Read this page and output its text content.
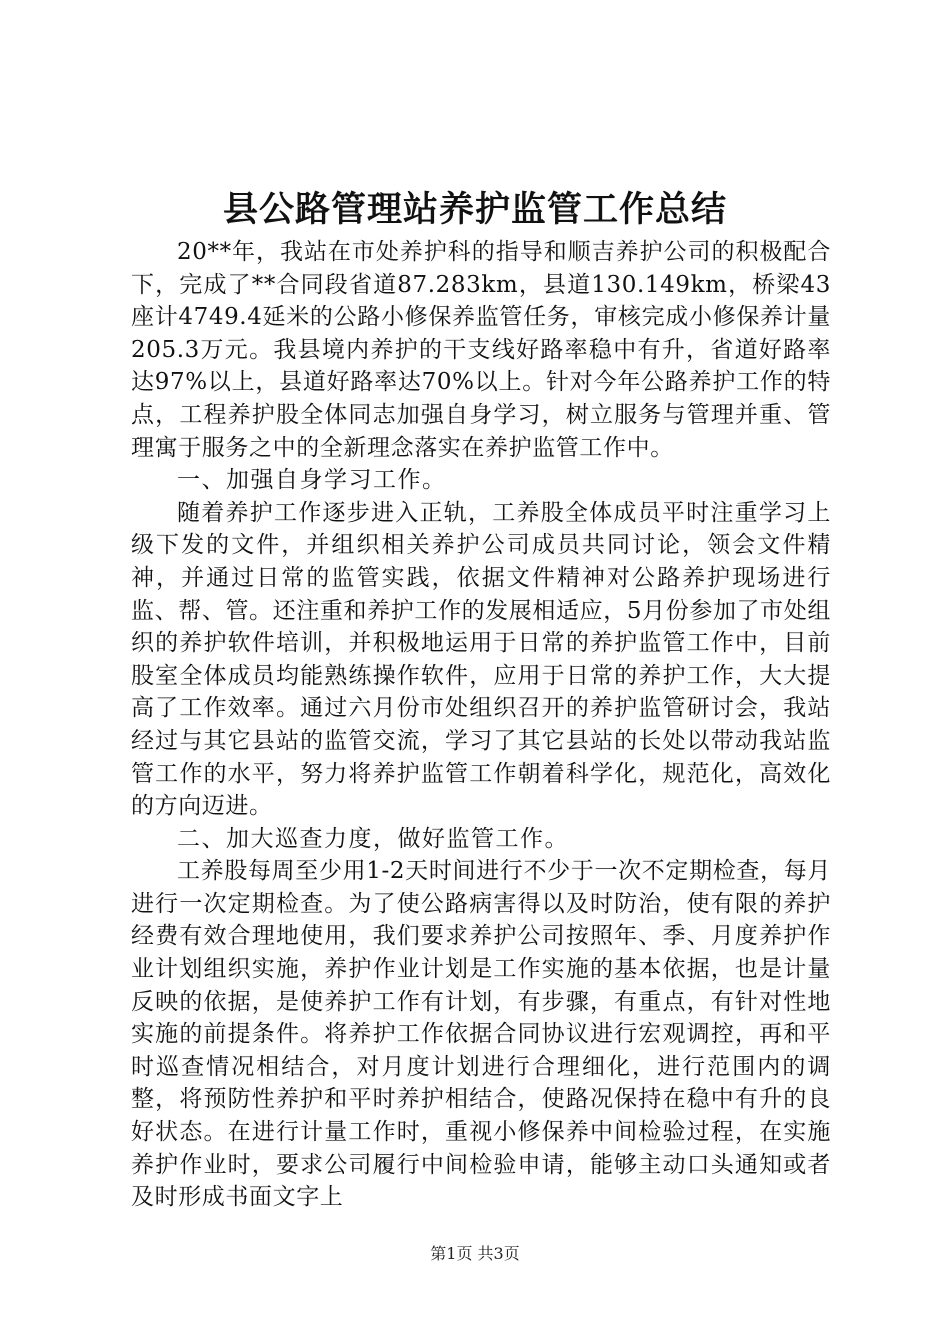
县公路管理站养护监管工作总结

20**年，我站在市处养护科的指导和顺吉养护公司的积极配合下，完成了**合同段省道87.283km，县道130.149km，桥梁43座计4749.4延米的公路小修保养监管任务，审核完成小修保养计量205.3万元。我县境内养护的干支线好路率稳中有升，省道好路率达97%以上，县道好路率达70%以上。针对今年公路养护工作的特点，工程养护股全体同志加强自身学习，树立服务与管理并重、管理寓于服务之中的全新理念落实在养护监管工作中。

一、加强自身学习工作。

随着养护工作逐步进入正轨，工养股全体成员平时注重学习上级下发的文件，并组织相关养护公司成员共同讨论，领会文件精神，并通过日常的监管实践，依据文件精神对公路养护现场进行监、帮、管。还注重和养护工作的发展相适应，5月份参加了市处组织的养护软件培训，并积极地运用于日常的养护监管工作中，目前股室全体成员均能熟练操作软件，应用于日常的养护工作，大大提高了工作效率。通过六月份市处组织召开的养护监管研讨会，我站经过与其它县站的监管交流，学习了其它县站的长处以带动我站监管工作的水平，努力将养护监管工作朝着科学化，规范化，高效化的方向迈进。

二、加大巡查力度，做好监管工作。

工养股每周至少用1-2天时间进行不少于一次不定期检查，每月进行一次定期检查。为了使公路病害得以及时防治，使有限的养护经费有效合理地使用，我们要求养护公司按照年、季、月度养护作业计划组织实施，养护作业计划是工作实施的基本依据，也是计量反映的依据，是使养护工作有计划，有步骤，有重点，有针对性地实施的前提条件。将养护工作依据合同协议进行宏观调控，再和平时巡查情况相结合，对月度计划进行合理细化，进行范围内的调整，将预防性养护和平时养护相结合，使路况保持在稳中有升的良好状态。在进行计量工作时，重视小修保养中间检验过程，在实施养护作业时，要求公司履行中间检验申请，能够主动口头通知或者及时形成书面文字上

第1页 共3页
